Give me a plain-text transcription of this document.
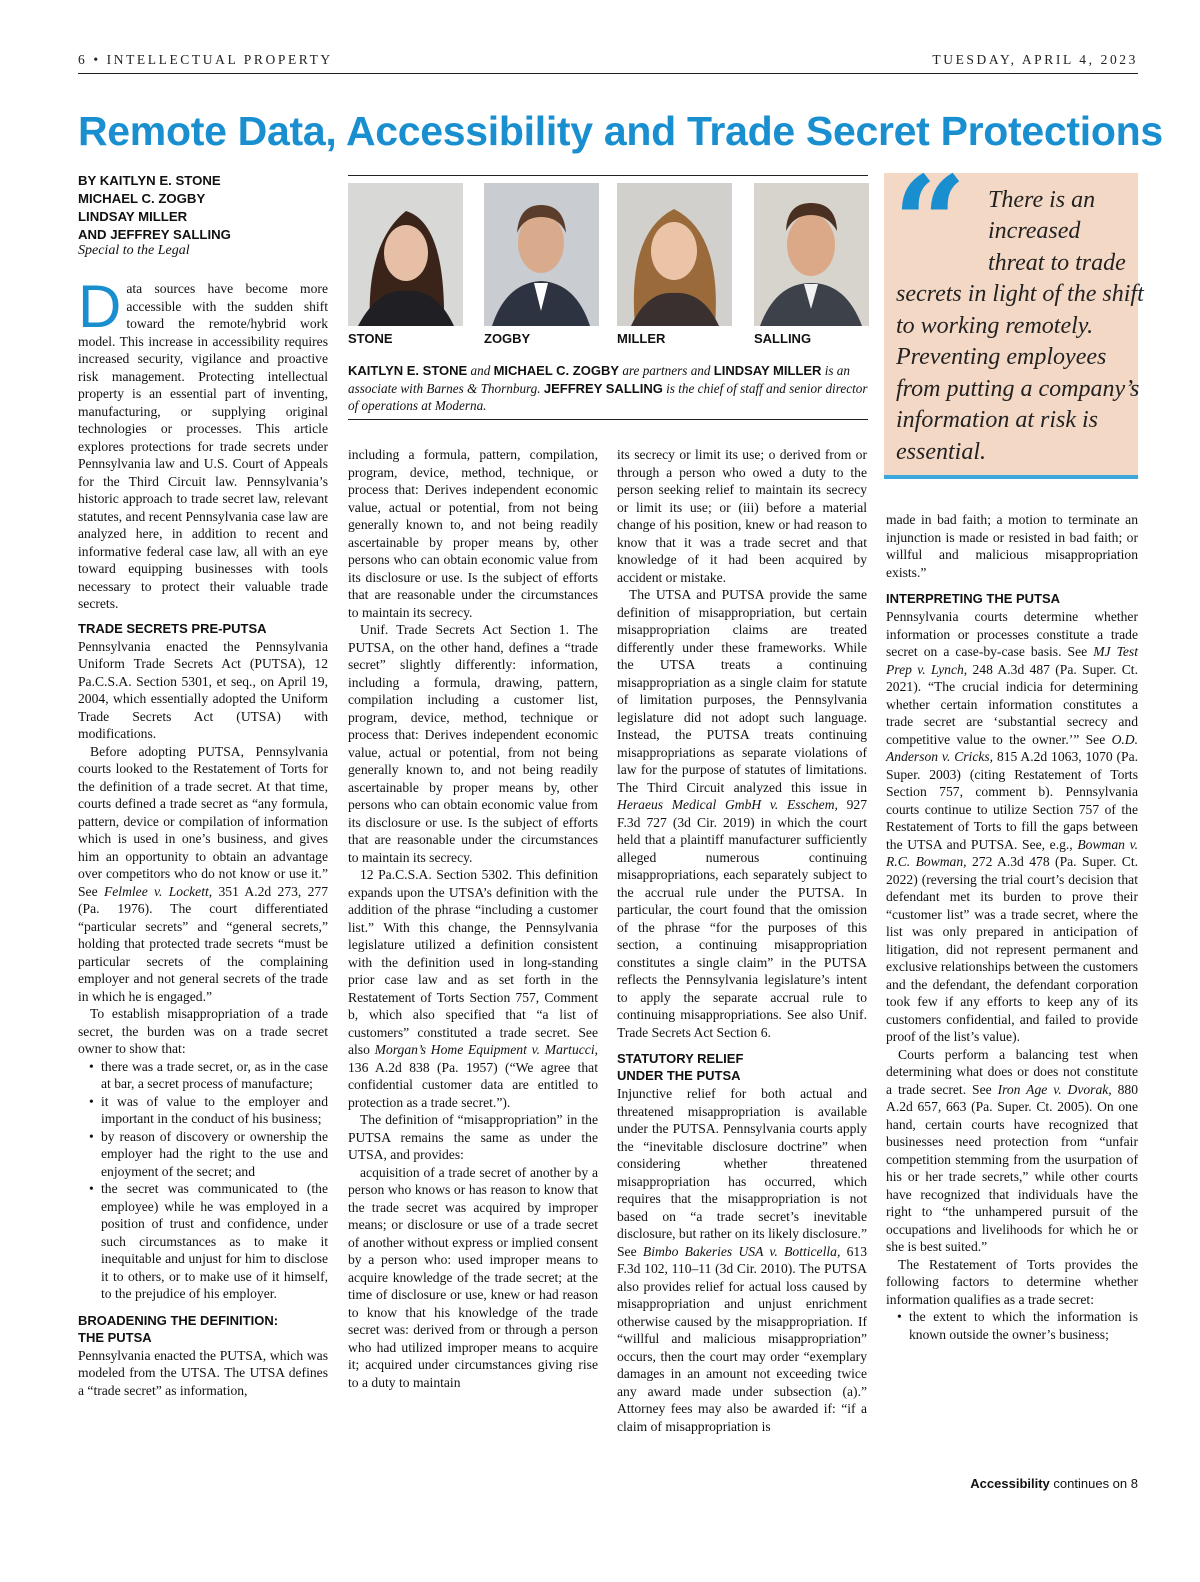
6 • INTELLECTUAL PROPERTY	TUESDAY, APRIL 4, 2023
Remote Data, Accessibility and Trade Secret Protections
BY KAITLYN E. STONE
MICHAEL C. ZOGBY
LINDSAY MILLER
AND JEFFREY SALLING
Special to the Legal

Data sources have become more accessible with the sudden shift toward the remote/hybrid work model. This increase in accessibility requires increased security, vigilance and proactive risk management. Protecting intellectual property is an essential part of inventing, manufacturing, or supplying original technologies or processes. This article explores protections for trade secrets under Pennsylvania law and U.S. Court of Appeals for the Third Circuit law. Pennsylvania’s historic approach to trade secret law, relevant statutes, and recent Pennsylvania case law are analyzed here, in addition to recent and informative federal case law, all with an eye toward equipping businesses with tools necessary to protect their valuable trade secrets.

TRADE SECRETS PRE-PUTSA

Pennsylvania enacted the Pennsylvania Uniform Trade Secrets Act (PUTSA), 12 Pa.C.S.A. Section 5301, et seq., on April 19, 2004, which essentially adopted the Uniform Trade Secrets Act (UTSA) with modifications.

Before adopting PUTSA, Pennsylvania courts looked to the Restatement of Torts for the definition of a trade secret. At that time, courts defined a trade secret as “any formula, pattern, device or compilation of information which is used in one’s business, and gives him an opportunity to obtain an advantage over competitors who do not know or use it.” See Felmlee v. Lockett, 351 A.2d 273, 277 (Pa. 1976). The court differentiated “particular secrets” and “general secrets,” holding that protected trade secrets “must be particular secrets of the complaining employer and not general secrets of the trade in which he is engaged.”

To establish misappropriation of a trade secret, the burden was on a trade secret owner to show that:

• there was a trade secret, or, as in the case at bar, a secret process of manufacture;
• it was of value to the employer and important in the conduct of his business;
• by reason of discovery or ownership the employer had the right to the use and enjoyment of the secret; and
• the secret was communicated to (the employee) while he was employed in a position of trust and confidence, under such circumstances as to make it inequitable and unjust for him to disclose it to others, or to make use of it himself, to the prejudice of his employer.
BROADENING THE DEFINITION:
THE PUTSA

Pennsylvania enacted the PUTSA, which was modeled from the UTSA. The UTSA defines a “trade secret” as information,

STONE	ZOGBY	MILLER	SALLING
KAITLYN E. STONE and MICHAEL C. ZOGBY are partners and LINDSAY MILLER is an associate with Barnes & Thornburg. JEFFREY SALLING is the chief of staff and senior director of operations at Moderna.

including a formula, pattern, compilation, program, device, method, technique, or process that: Derives independent economic value, actual or potential, from not being generally known to, and not being readily ascertainable by proper means by, other persons who can obtain economic value from its disclosure or use. Is the subject of efforts that are reasonable under the circumstances to maintain its secrecy.

Unif. Trade Secrets Act Section 1. The PUTSA, on the other hand, defines a “trade secret” slightly differently: information, including a formula, drawing, pattern, compilation including a customer list, program, device, method, technique or process that: Derives independent economic value, actual or potential, from not being generally known to, and not being readily ascertainable by proper means by, other persons who can obtain economic value from its disclosure or use. Is the subject of efforts that are reasonable under the circumstances to maintain its secrecy.

12 Pa.C.S.A. Section 5302. This definition expands upon the UTSA’s definition with the addition of the phrase “including a customer list.” With this change, the Pennsylvania legislature utilized a definition consistent with the definition used in long-standing prior case law and as set forth in the Restatement of Torts Section 757, Comment b, which also specified that “a list of customers” constituted a trade secret. See also Morgan’s Home Equipment v. Martucci, 136 A.2d 838 (Pa. 1957) (“We agree that confidential customer data are entitled to protection as a trade secret.”).

The definition of “misappropriation” in the PUTSA remains the same as under the UTSA, and provides:

acquisition of a trade secret of another by a person who knows or has reason to know that the trade secret was acquired by improper means; or disclosure or use of a trade secret of another without express or implied consent by a person who: used improper means to acquire knowledge of the trade secret; at the time of disclosure or use, knew or had reason to know that his knowledge of the trade secret was: derived from or through a person who had utilized improper means to acquire it; acquired under circumstances giving rise to a duty to maintain

its secrecy or limit its use; o derived from or through a person who owed a duty to the person seeking relief to maintain its secrecy or limit its use; or (iii) before a material change of his position, knew or had reason to know that it was a trade secret and that knowledge of it had been acquired by accident or mistake.

The UTSA and PUTSA provide the same definition of misappropriation, but certain misappropriation claims are treated differently under these frameworks. While the UTSA treats a continuing misappropriation as a single claim for statute of limitation purposes, the Pennsylvania legislature did not adopt such language. Instead, the PUTSA treats continuing misappropriations as separate violations of law for the purpose of statutes of limitations. The Third Circuit analyzed this issue in Heraeus Medical GmbH v. Esschem, 927 F.3d 727 (3d Cir. 2019) in which the court held that a plaintiff manufacturer sufficiently alleged numerous continuing misappropriations, each separately subject to the accrual rule under the PUTSA. In particular, the court found that the omission of the phrase “for the purposes of this section, a continuing misappropriation constitutes a single claim” in the PUTSA reflects the Pennsylvania legislature’s intent to apply the separate accrual rule to continuing misappropriations. See also Unif. Trade Secrets Act Section 6.

STATUTORY RELIEF
UNDER THE PUTSA

Injunctive relief for both actual and threatened misappropriation is available under the PUTSA. Pennsylvania courts apply the “inevitable disclosure doctrine” when considering whether threatened misappropriation has occurred, which requires that the misappropriation is not based on “a trade secret’s inevitable disclosure, but rather on its likely disclosure.” See Bimbo Bakeries USA v. Botticella, 613 F.3d 102, 110–11 (3d Cir. 2010). The PUTSA also provides relief for actual loss caused by misappropriation and unjust enrichment otherwise caused by the misappropriation. If “willful and malicious misappropriation” occurs, then the court may order “exemplary damages in an amount not exceeding twice any award made under subsection (a).” Attorney fees may also be awarded if: “if a claim of misappropriation is

“ There is an
increased
threat to trade
secrets in light of the shift
to working remotely.
Preventing employees
from putting a company’s
information at risk is
essential.

made in bad faith; a motion to terminate an injunction is made or resisted in bad faith; or willful and malicious misappropriation exists.”

INTERPRETING THE PUTSA

Pennsylvania courts determine whether information or processes constitute a trade secret on a case-by-case basis. See MJ Test Prep v. Lynch, 248 A.3d 487 (Pa. Super. Ct. 2021). “The crucial indicia for determining whether certain information constitutes a trade secret are ‘substantial secrecy and competitive value to the owner.’” See O.D. Anderson v. Cricks, 815 A.2d 1063, 1070 (Pa. Super. 2003) (citing Restatement of Torts Section 757, comment b). Pennsylvania courts continue to utilize Section 757 of the Restatement of Torts to fill the gaps between the UTSA and PUTSA. See, e.g., Bowman v. R.C. Bowman, 272 A.3d 478 (Pa. Super. Ct. 2022) (reversing the trial court’s decision that defendant met its burden to prove their “customer list” was a trade secret, where the list was only prepared in anticipation of litigation, did not represent permanent and exclusive relationships between the customers and the defendant, the defendant corporation took few if any efforts to keep any of its customers confidential, and failed to provide proof of the list’s value).

Courts perform a balancing test when determining what does or does not constitute a trade secret. See Iron Age v. Dvorak, 880 A.2d 657, 663 (Pa. Super. Ct. 2005). On one hand, certain courts have recognized that businesses need protection from “unfair competition stemming from the usurpation of his or her trade secrets,” while other courts have recognized that individuals have the right to “the unhampered pursuit of the occupations and livelihoods for which he or she is best suited.”

The Restatement of Torts provides the following factors to determine whether information qualifies as a trade secret:

• the extent to which the information is known outside the owner’s business;
Accessibility continues on 8
